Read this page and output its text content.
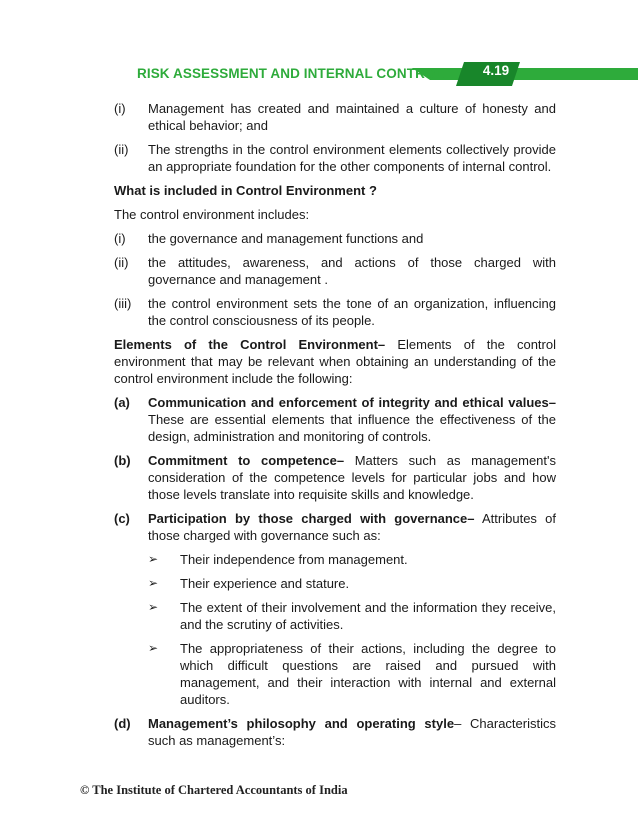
RISK ASSESSMENT AND INTERNAL CONTROL	4.19
(i)	Management has created and maintained a culture of honesty and ethical behavior; and
(ii)	The strengths in the control environment elements collectively provide an appropriate foundation for the other components of internal control.
What is included in Control Environment ?
The control environment includes:
(i)	the governance and management functions and
(ii)	the attitudes, awareness, and actions of those charged with governance and management .
(iii)	the control environment sets the tone of an organization, influencing the control consciousness of its people.
Elements of the Control Environment– Elements of the control environment that may be relevant when obtaining an understanding of the control environment include the following:
(a)	Communication and enforcement of integrity and ethical values– These are essential elements that influence the effectiveness of the design, administration and monitoring of controls.
(b)	Commitment to competence– Matters such as management's consideration of the competence levels for particular jobs and how those levels translate into requisite skills and knowledge.
(c)	Participation by those charged with governance– Attributes of those charged with governance such as:
➢	Their independence from management.
➢	Their experience and stature.
➢	The extent of their involvement and the information they receive, and the scrutiny of activities.
➢	The appropriateness of their actions, including the degree to which difficult questions are raised and pursued with management, and their interaction with internal and external auditors.
(d)	Management’s philosophy and operating style– Characteristics such as management’s:
© The Institute of Chartered Accountants of India
